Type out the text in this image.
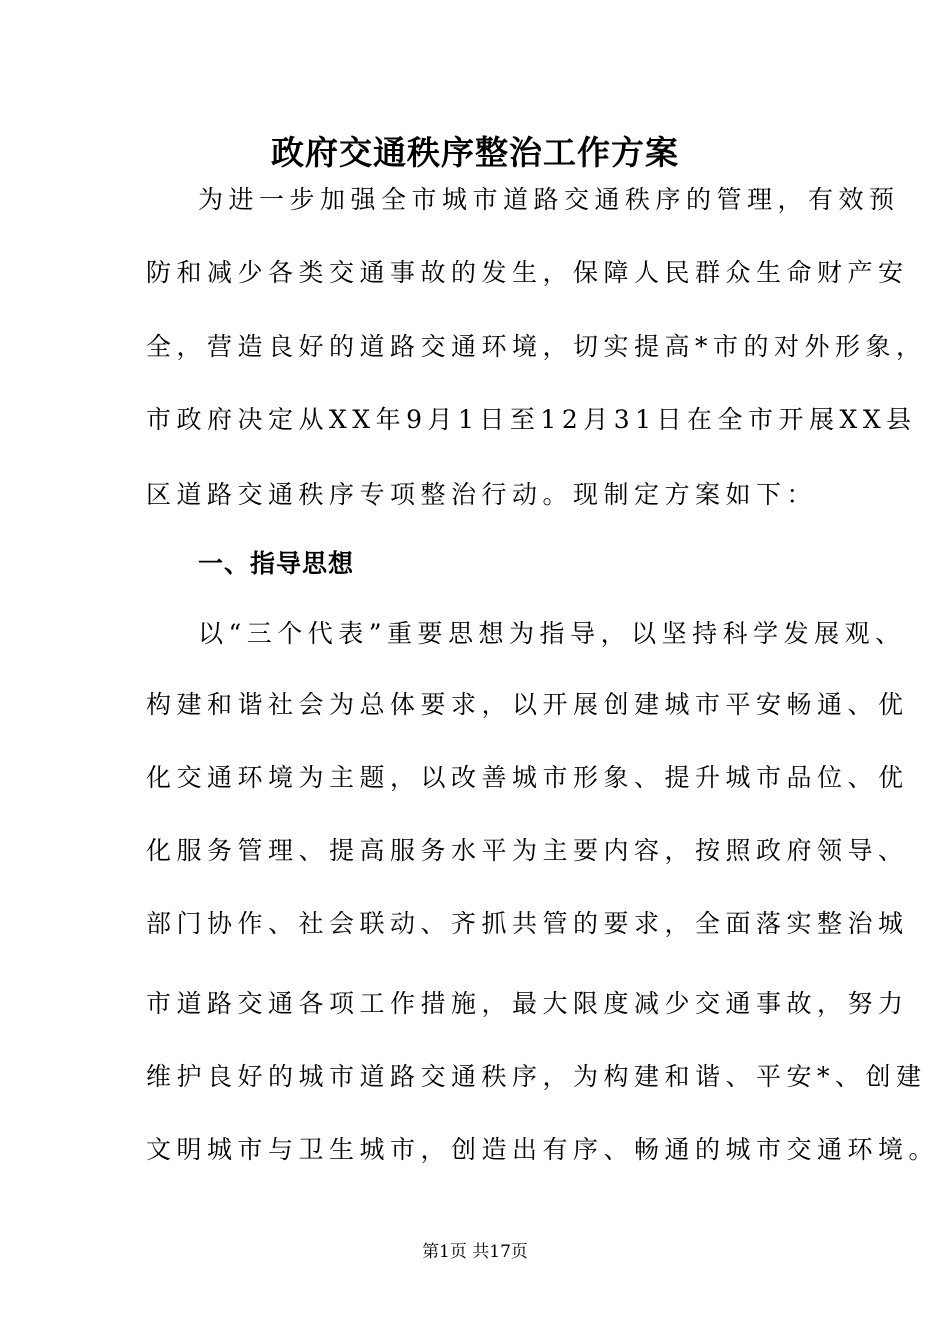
政府交通秩序整治工作方案

为进一步加强全市城市道路交通秩序的管理，有效预

防和减少各类交通事故的发生，保障人民群众生命财产安

全，营造良好的道路交通环境，切实提高*市的对外形象，

市政府决定从XX年9月1日至12月31日在全市开展XX县

区道路交通秩序专项整治行动。现制定方案如下：

一、指导思想

以“三个代表”重要思想为指导，以坚持科学发展观、

构建和谐社会为总体要求，以开展创建城市平安畅通、优

化交通环境为主题，以改善城市形象、提升城市品位、优

化服务管理、提高服务水平为主要内容，按照政府领导、

部门协作、社会联动、齐抓共管的要求，全面落实整治城

市道路交通各项工作措施，最大限度减少交通事故，努力

维护良好的城市道路交通秩序，为构建和谐、平安*、创建

文明城市与卫生城市，创造出有序、畅通的城市交通环境。

第1页 共17页
